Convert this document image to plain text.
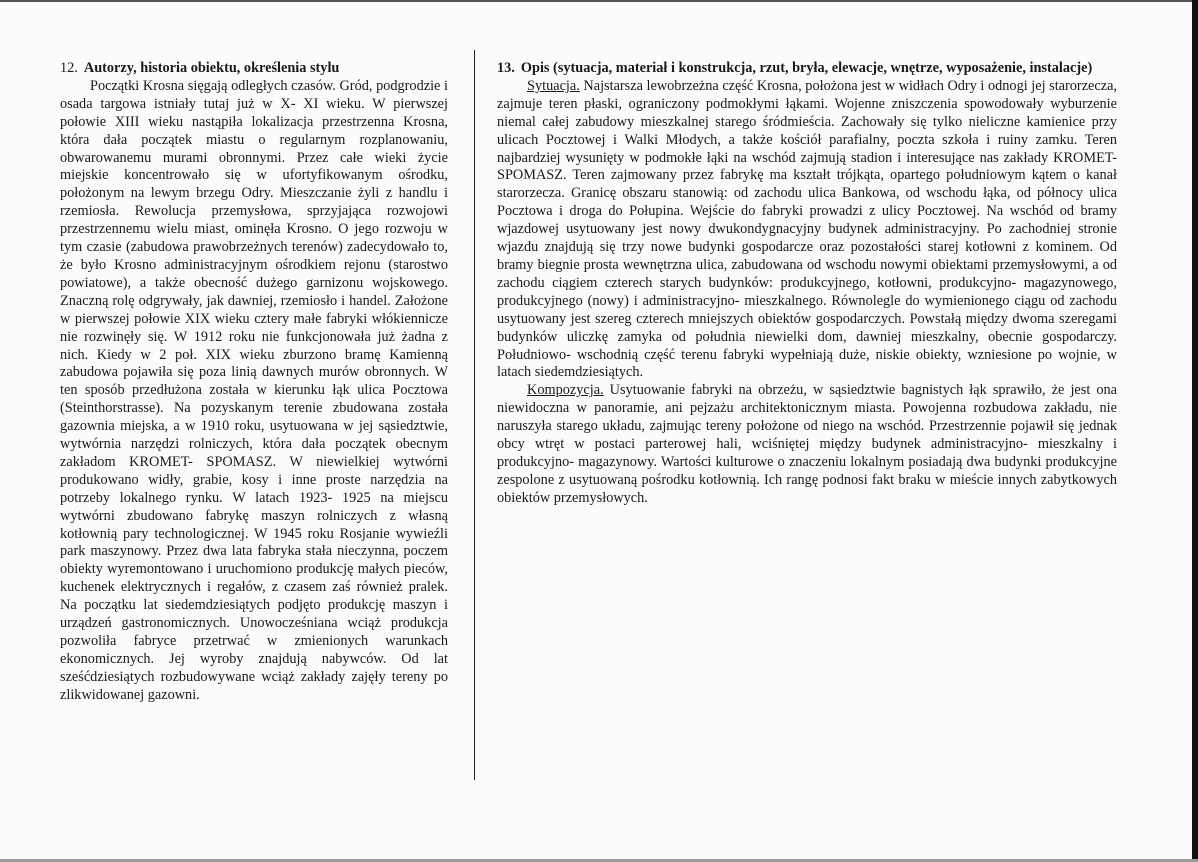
12. Autorzy, historia obiektu, określenia stylu

Początki Krosna sięgają odległych czasów. Gród, podgrodzie i osada targowa istniały tutaj już w X- XI wieku. W pierwszej połowie XIII wieku nastąpiła lokalizacja przestrzenna Krosna, która dała początek miastu o regularnym rozplanowaniu, obwarowanemu murami obronnymi. Przez całe wieki życie miejskie koncentrowało się w ufortyfikowanym ośrodku, położonym na lewym brzegu Odry. Mieszczanie żyli z handlu i rzemiosła. Rewolucja przemysłowa, sprzyjająca rozwojowi przestrzennemu wielu miast, ominęła Krosno. O jego rozwoju w tym czasie (zabudowa prawobrzeżnych terenów) zadecydowało to, że było Krosno administracyjnym ośrodkiem rejonu (starostwo powiatowe), a także obecność dużego garnizonu wojskowego. Znaczną rolę odgrywały, jak dawniej, rzemiosło i handel. Założone w pierwszej połowie XIX wieku cztery małe fabryki włókiennicze nie rozwinęły się. W 1912 roku nie funkcjonowała już żadna z nich. Kiedy w 2 poł. XIX wieku zburzono bramę Kamienną zabudowa pojawiła się poza linią dawnych murów obronnych. W ten sposób przedłużona została w kierunku łąk ulica Pocztowa (Steinthorstrasse). Na pozyskanym terenie zbudowana została gazownia miejska, a w 1910 roku, usytuowana w jej sąsiedztwie, wytwórnia narzędzi rolniczych, która dała początek obecnym zakładom KROMET- SPOMASZ. W niewielkiej wytwórni produkowano widły, grabie, kosy i inne proste narzędzia na potrzeby lokalnego rynku. W latach 1923- 1925 na miejscu wytwórni zbudowano fabrykę maszyn rolniczych z własną kotłownią pary technologicznej. W 1945 roku Rosjanie wywieźli park maszynowy. Przez dwa lata fabryka stała nieczynna, poczem obiekty wyremontowano i uruchomiono produkcję małych pieców, kuchenek elektrycznych i regałów, z czasem zaś również pralek. Na początku lat siedemdziesiątych podjęto produkcję maszyn i urządzeń gastronomicznych. Unowocześniana wciąż produkcja pozwoliła fabryce przetrwać w zmienionych warunkach ekonomicznych. Jej wyroby znajdują nabywców. Od lat sześćdziesiątych rozbudowywane wciąż zakłady zajęły tereny po zlikwidowanej gazowni.

13. Opis (sytuacja, materiał i konstrukcja, rzut, bryła, elewacje, wnętrze, wyposażenie, instalacje)

Sytuacja. Najstarsza lewobrzeżna część Krosna, położona jest w widłach Odry i odnogi jej starorzecza, zajmuje teren płaski, ograniczony podmokłymi łąkami. Wojenne zniszczenia spowodowały wyburzenie niemal całej zabudowy mieszkalnej starego śródmieścia. Zachowały się tylko nieliczne kamienice przy ulicach Pocztowej i Walki Młodych, a także kościół parafialny, poczta szkoła i ruiny zamku. Teren najbardziej wysunięty w podmokłe łąki na wschód zajmują stadion i interesujące nas zakłady KROMET- SPOMASZ. Teren zajmowany przez fabrykę ma kształt trójkąta, opartego południowym kątem o kanał starorzecza. Granicę obszaru stanowią: od zachodu ulica Bankowa, od wschodu łąka, od północy ulica Pocztowa i droga do Połupina. Wejście do fabryki prowadzi z ulicy Pocztowej. Na wschód od bramy wjazdowej usytuowany jest nowy dwukondygnacyjny budynek administracyjny. Po zachodniej stronie wjazdu znajdują się trzy nowe budynki gospodarcze oraz pozostałości starej kotłowni z kominem. Od bramy biegnie prosta wewnętrzna ulica, zabudowana od wschodu nowymi obiektami przemysłowymi, a od zachodu ciągiem czterech starych budynków: produkcyjnego, kotłowni, produkcyjno- magazynowego, produkcyjnego (nowy) i administracyjno- mieszkalnego. Równolegle do wymienionego ciągu od zachodu usytuowany jest szereg czterech mniejszych obiektów gospodarczych. Powstałą między dwoma szeregami budynków uliczkę zamyka od południa niewielki dom, dawniej mieszkalny, obecnie gospodarczy. Południowo- wschodnią część terenu fabryki wypełniają duże, niskie obiekty, wzniesione po wojnie, w latach siedemdziesiątych.

Kompozycja. Usytuowanie fabryki na obrzeżu, w sąsiedztwie bagnistych łąk sprawiło, że jest ona niewidoczna w panoramie, ani pejzażu architektonicznym miasta. Powojenna rozbudowa zakładu, nie naruszyła starego układu, zajmując tereny położone od niego na wschód. Przestrzennie pojawił się jednak obcy wtręt w postaci parterowej hali, wciśniętej między budynek administracyjno- mieszkalny i produkcyjno- magazynowy. Wartości kulturowe o znaczeniu lokalnym posiadają dwa budynki produkcyjne zespolone z usytuowaną pośrodku kotłownią. Ich rangę podnosi fakt braku w mieście innych zabytkowych obiektów przemysłowych.
